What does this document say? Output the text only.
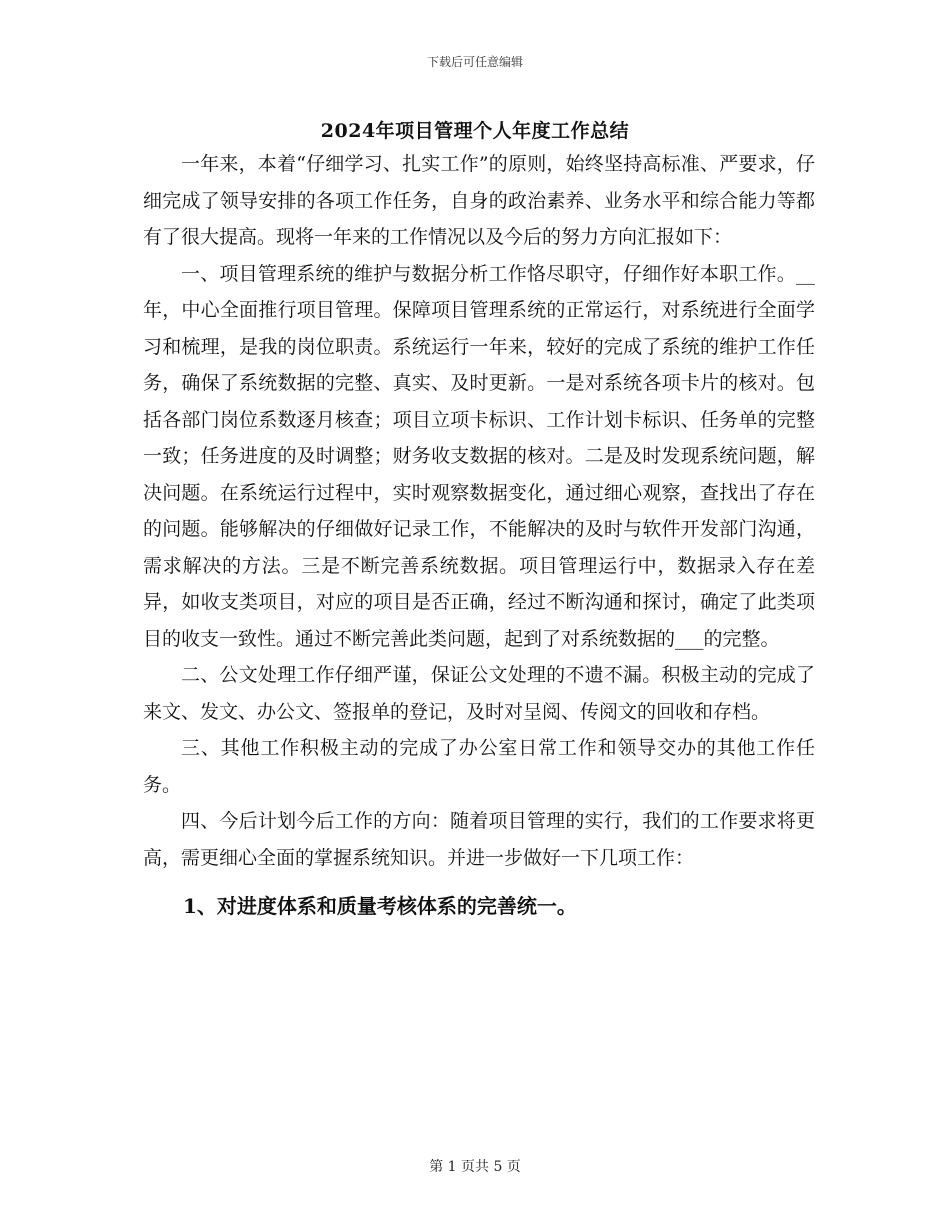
下载后可任意编辑
2024年项目管理个人年度工作总结

一年来，本着“仔细学习、扎实工作”的原则，始终坚持高标准、严要求，仔细完成了领导安排的各项工作任务，自身的政治素养、业务水平和综合能力等都有了很大提高。现将一年来的工作情况以及今后的努力方向汇报如下：

一、项目管理系统的维护与数据分析工作恪尽职守，仔细作好本职工作。__年，中心全面推行项目管理。保障项目管理系统的正常运行，对系统进行全面学习和梳理，是我的岗位职责。系统运行一年来，较好的完成了系统的维护工作任务，确保了系统数据的完整、真实、及时更新。一是对系统各项卡片的核对。包括各部门岗位系数逐月核查；项目立项卡标识、工作计划卡标识、任务单的完整一致；任务进度的及时调整；财务收支数据的核对。二是及时发现系统问题，解决问题。在系统运行过程中，实时观察数据变化，通过细心观察，查找出了存在的问题。能够解决的仔细做好记录工作，不能解决的及时与软件开发部门沟通，需求解决的方法。三是不断完善系统数据。项目管理运行中，数据录入存在差异，如收支类项目，对应的项目是否正确，经过不断沟通和探讨，确定了此类项目的收支一致性。通过不断完善此类问题，起到了对系统数据的___的完整。

二、公文处理工作仔细严谨，保证公文处理的不遗不漏。积极主动的完成了来文、发文、办公文、签报单的登记，及时对呈阅、传阅文的回收和存档。

三、其他工作积极主动的完成了办公室日常工作和领导交办的其他工作任务。

四、今后计划今后工作的方向：随着项目管理的实行，我们的工作要求将更高，需更细心全面的掌握系统知识。并进一步做好一下几项工作：

1、对进度体系和质量考核体系的完善统一。

第 1 页共 5 页
